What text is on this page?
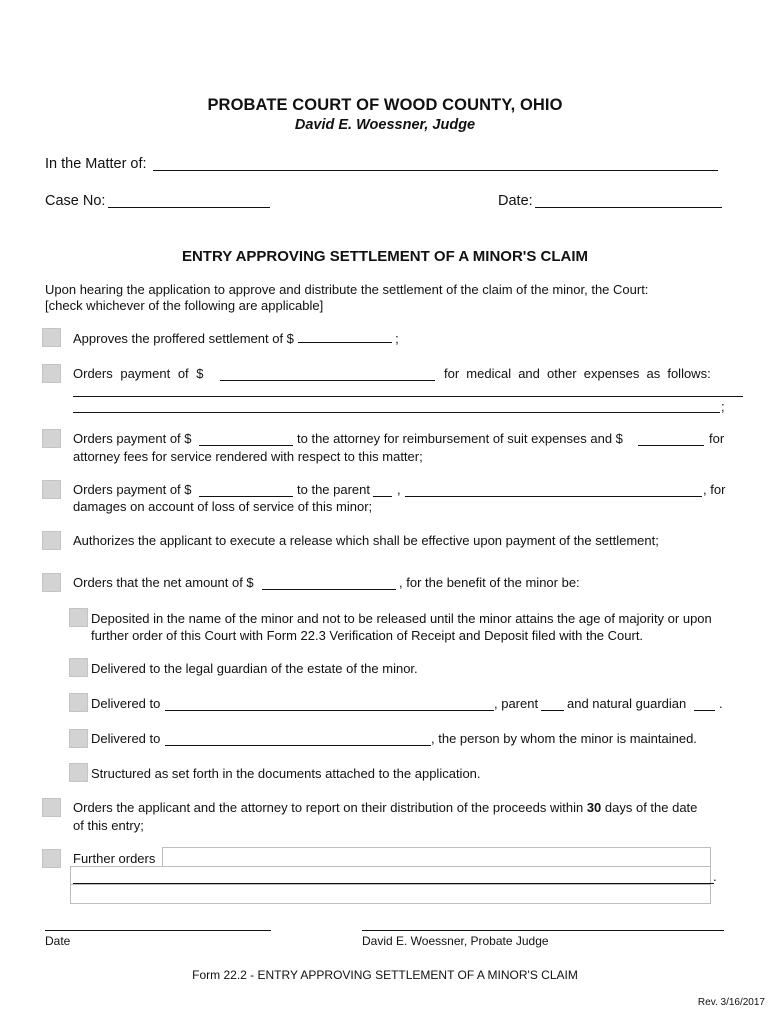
PROBATE COURT OF WOOD COUNTY, OHIO
David E. Woessner, Judge
In the Matter of:
Case No:	Date:
ENTRY APPROVING SETTLEMENT OF A MINOR'S CLAIM
Upon hearing the application to approve and distribute the settlement of the claim of the minor, the Court:
[check whichever of the following are applicable]
Approves the proffered settlement of $	;
Orders payment of $	for medical and other expenses as follows:
;
Orders payment of $	to the attorney for reimbursement of suit expenses and $	for
attorney fees for service rendered with respect to this matter;
Orders payment of $	to the parent ,	, for
damages on account of loss of service of this minor;
Authorizes the applicant to execute a release which shall be effective upon payment of the settlement;
Orders that the net amount of $	, for the benefit of the minor be:
Deposited in the name of the minor and not to be released until the minor attains the age of majority or upon
further order of this Court with Form 22.3 Verification of Receipt and Deposit filed with the Court.
Delivered to the legal guardian of the estate of the minor.
Delivered to	, parent and natural guardian	.
Delivered to	, the person by whom the minor is maintained.
Structured as set forth in the documents attached to the application.
Orders the applicant and the attorney to report on their distribution of the proceeds within 30 days of the date
of this entry;
Further orders
.
Date	David E. Woessner, Probate Judge
Form 22.2 - ENTRY APPROVING SETTLEMENT OF A MINOR'S CLAIM
Rev. 3/16/2017
